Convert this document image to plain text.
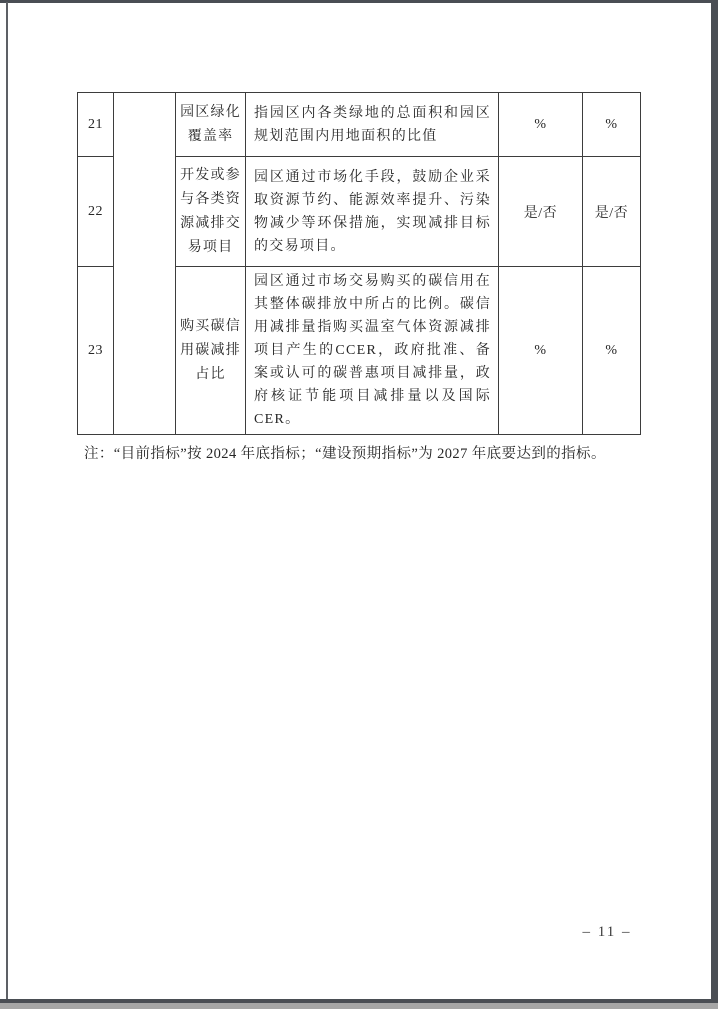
21		园区绿化覆盖率	指园区内各类绿地的总面积和园区规划范围内用地面积的比值	%	%
22		开发或参与各类资源减排交易项目	园区通过市场化手段，鼓励企业采取资源节约、能源效率提升、污染物减少等环保措施，实现减排目标的交易项目。	是/否	是/否
23		购买碳信用碳减排占比	园区通过市场交易购买的碳信用在其整体碳排放中所占的比例。碳信用减排量指购买温室气体资源减排项目产生的CCER，政府批准、备案或认可的碳普惠项目减排量，政府核证节能项目减排量以及国际 CER。	%	%
注：“目前指标”按 2024 年底指标；“建设预期指标”为 2027 年底要达到的指标。
– 11 –
